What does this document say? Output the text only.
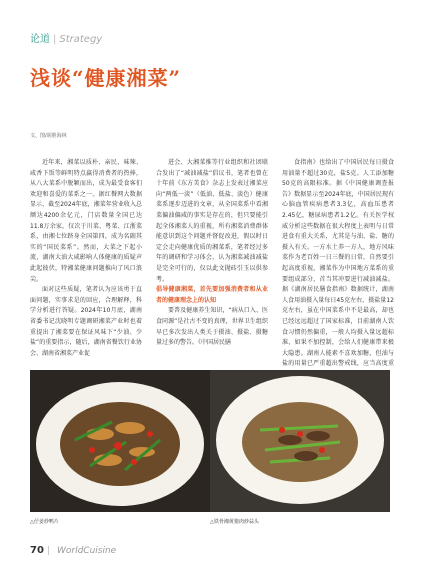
论道 | Strategy
浅谈“健康湘菜”
文、图/胡胜海林

近年来，湘菜以质朴、亲民、味辣、咸香下饭等鲜明特点赢得消费者的热捧，从八大菜系中脱颖而出，成为最受食客们欢迎和喜爱的菜系之一。据红餐网大数据显示，截至2024年底，湘菜年营业收入总额达4200余亿元，门店数量全国已达11.8万余家，仅次于川菜、粤菜、江浙菜系，由湘七位跻身全国第四，成为名副其实的“国民菜系”。然而，大菜之下起小流，湖南大油大咸影响人体健康的质疑声此起彼伏，特湘菜健康问题推向了风口浪尖。

面对这些质疑，笔者认为应该勇于直面问题，实事求是的回应，合理解释，科学分析进行答疑。2024年10月底，湖南省委书记沈晓明专题调研湘菜产业时也着重提出了湘菜要在保证风味下“少油、少盐”的重要指示，随后，湖南省餐饮行业协会、湖南省湘菜产业促

进会、大湘菜推等行业组织和社团联合发出了“减油减盐”倡议书，笔者也曾在十年前《东方美食》杂志上发表过湘菜应向“两低一淡”（低油、低盐、淡色）健康菜系逐步迈进的文章，从全国菜系中看湘菜偏油偏咸的事实是存在的，但只要能引起全体湘菜人的重视，所有湘菜消费群体能意识到这个问题并督促改进，假以时日定会走向健康优质的湘菜系，笔者经过多年的调研和学习体会，认为湘菜减油减盐是完全可行的，仅以此文抛砖引玉以供参考。

倡导健康湘菜，首先要加强消费者和从业者的健康理念上的认知

要普及健康养生知识，“病从口入、医食同源”是社古不变的真理，世界卫生组织早已多次发出人类关于摄油、摄盐、摄糖量过多的警告。《中国居民膳

食指南》也给出了中国居民每日摄食用油量不超过30克，盐5克。人工添加糖50克的高限标准。据《中国健康调查报告》数据显示至2024年底，中国居民现有心脑血管疾病患者3.3亿，高血压患者2.45亿，糖尿病患者1.2亿。有关医学权威分析这些数据在很大程度上表明与日常进食有重大关系，尤其是与油、盐、糖的摄入有关。一方水土养一方人，地方风味菜作为老百姓一日三餐的日常，自然要引起高度重视，湘菜作为中国地方菜系的重要组成部分，首当其冲要进行减油减盐。据《湖南居民膳食指南》数据统计，湖南人食用油摄入量每日45克左右，摄盐量12克左右，虽在中国菜系中不是最高，却也已经远远超过了国家标准，目前湖南人饮食习惯仍然偏重，一般人均摄入量远超标准，如果不加控制，会给人们健康带来极大隐患。湖南人能素不喜欢加糖，但油与盐的用量已严重超出警戒线，应当高度重

△仔姜炒鸭片	△铁骨湘黄猪肉炒蒜头
70 | WorldCuisine
